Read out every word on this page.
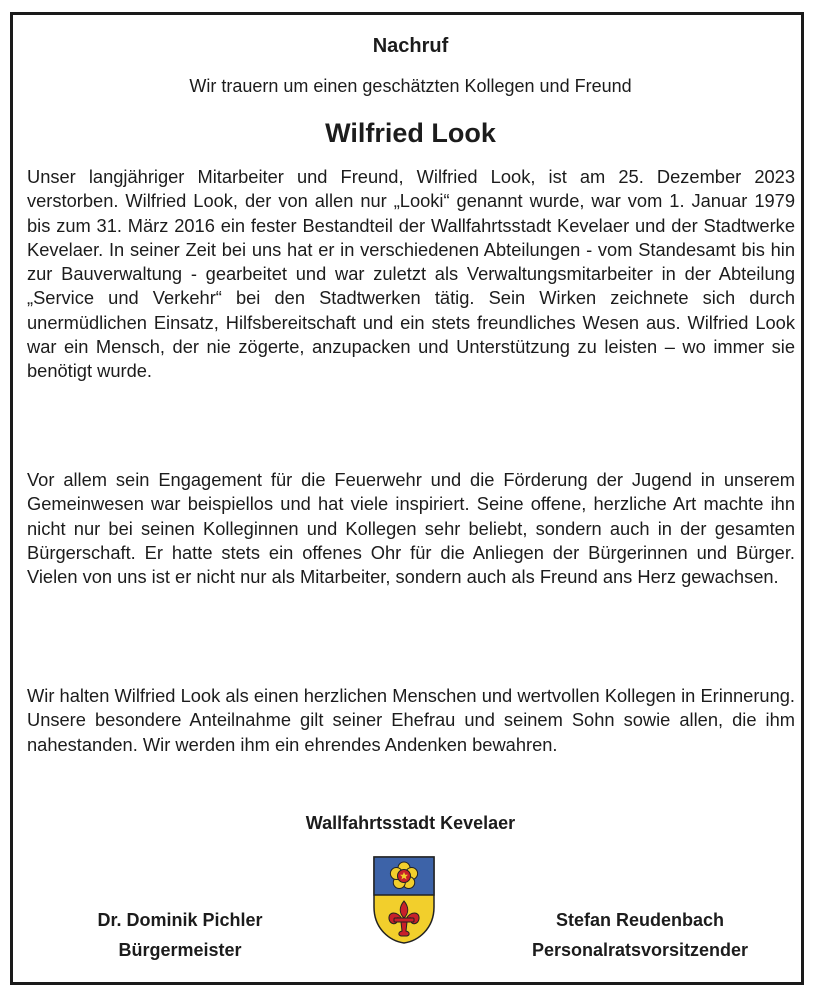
Nachruf
Wir trauern um einen geschätzten Kollegen und Freund
Wilfried Look

Unser langjähriger Mitarbeiter und Freund, Wilfried Look, ist am 25. Dezember 2023 verstorben. Wilfried Look, der von allen nur „Looki“ genannt wurde, war vom 1. Januar 1979 bis zum 31. März 2016 ein fester Bestandteil der Wallfahrtsstadt Kevelaer und der Stadtwerke Kevelaer. In seiner Zeit bei uns hat er in verschiedenen Abteilungen - vom Standesamt bis hin zur Bauverwaltung - gearbeitet und war zuletzt als Verwaltungsmitarbeiter in der Abteilung „Service und Verkehr“ bei den Stadtwerken tätig. Sein Wirken zeichnete sich durch unermüdlichen Einsatz, Hilfsbereitschaft und ein stets freundliches Wesen aus. Wilfried Look war ein Mensch, der nie zögerte, anzupacken und Unterstützung zu leisten – wo immer sie benötigt wurde.

Vor allem sein Engagement für die Feuerwehr und die Förderung der Jugend in unserem Gemeinwesen war beispiellos und hat viele inspiriert. Seine offene, herzliche Art machte ihn nicht nur bei seinen Kolleginnen und Kollegen sehr beliebt, sondern auch in der gesamten Bürgerschaft. Er hatte stets ein offenes Ohr für die Anliegen der Bürgerinnen und Bürger. Vielen von uns ist er nicht nur als Mitarbeiter, sondern auch als Freund ans Herz gewachsen.

Wir halten Wilfried Look als einen herzlichen Menschen und wertvollen Kollegen in Erinnerung. Unsere besondere Anteilnahme gilt seiner Ehefrau und seinem Sohn sowie allen, die ihm nahestanden. Wir werden ihm ein ehrendes Andenken bewahren.

Wallfahrtsstadt Kevelaer
Dr. Dominik Pichler
Bürgermeister
Stefan Reudenbach
Personalratsvorsitzender
